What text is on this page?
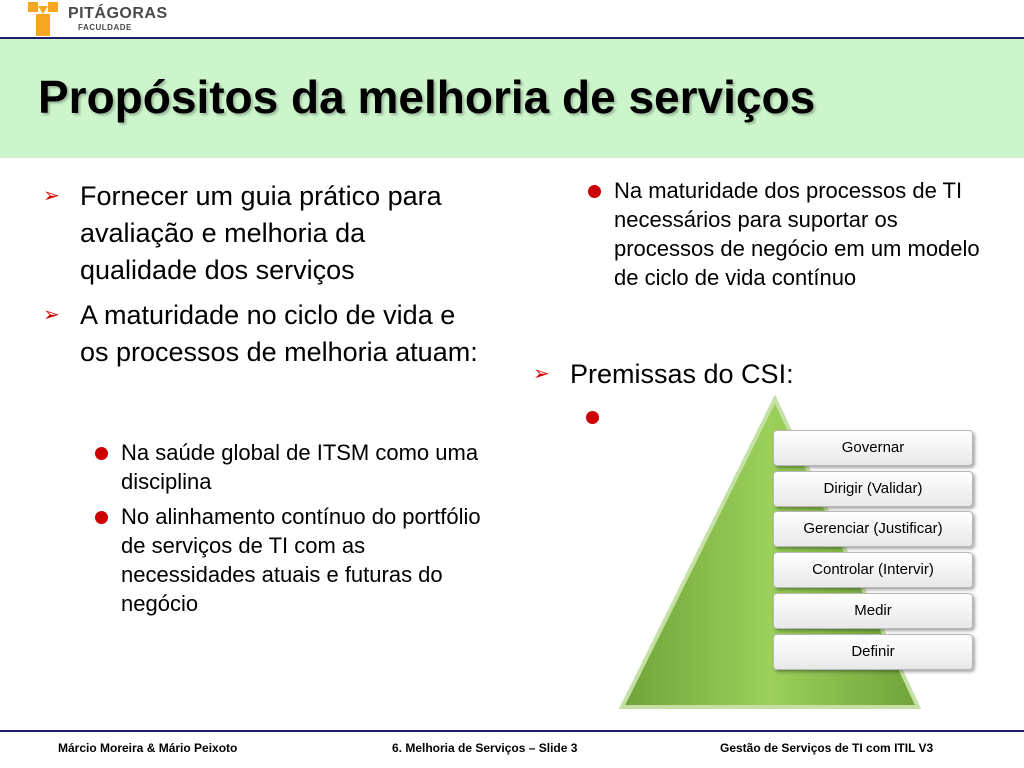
PITÁGORAS
FACULDADE
Propósitos da melhoria de serviços
➢ Fornecer um guia prático para avaliação e melhoria da qualidade dos serviços
➢ A maturidade no ciclo de vida e os processos de melhoria atuam:
Na saúde global de ITSM como uma disciplina
No alinhamento contínuo do portfólio de serviços de TI com as necessidades atuais e futuras do negócio
Na maturidade dos processos de TI necessários para suportar os processos de negócio em um modelo de ciclo de vida contínuo
➢ Premissas do CSI:
Governar
Dirigir (Validar)
Gerenciar (Justificar)
Controlar (Intervir)
Medir
Definir
Márcio Moreira & Mário Peixoto	6. Melhoria de Serviços – Slide 3	Gestão de Serviços de TI com ITIL V3
